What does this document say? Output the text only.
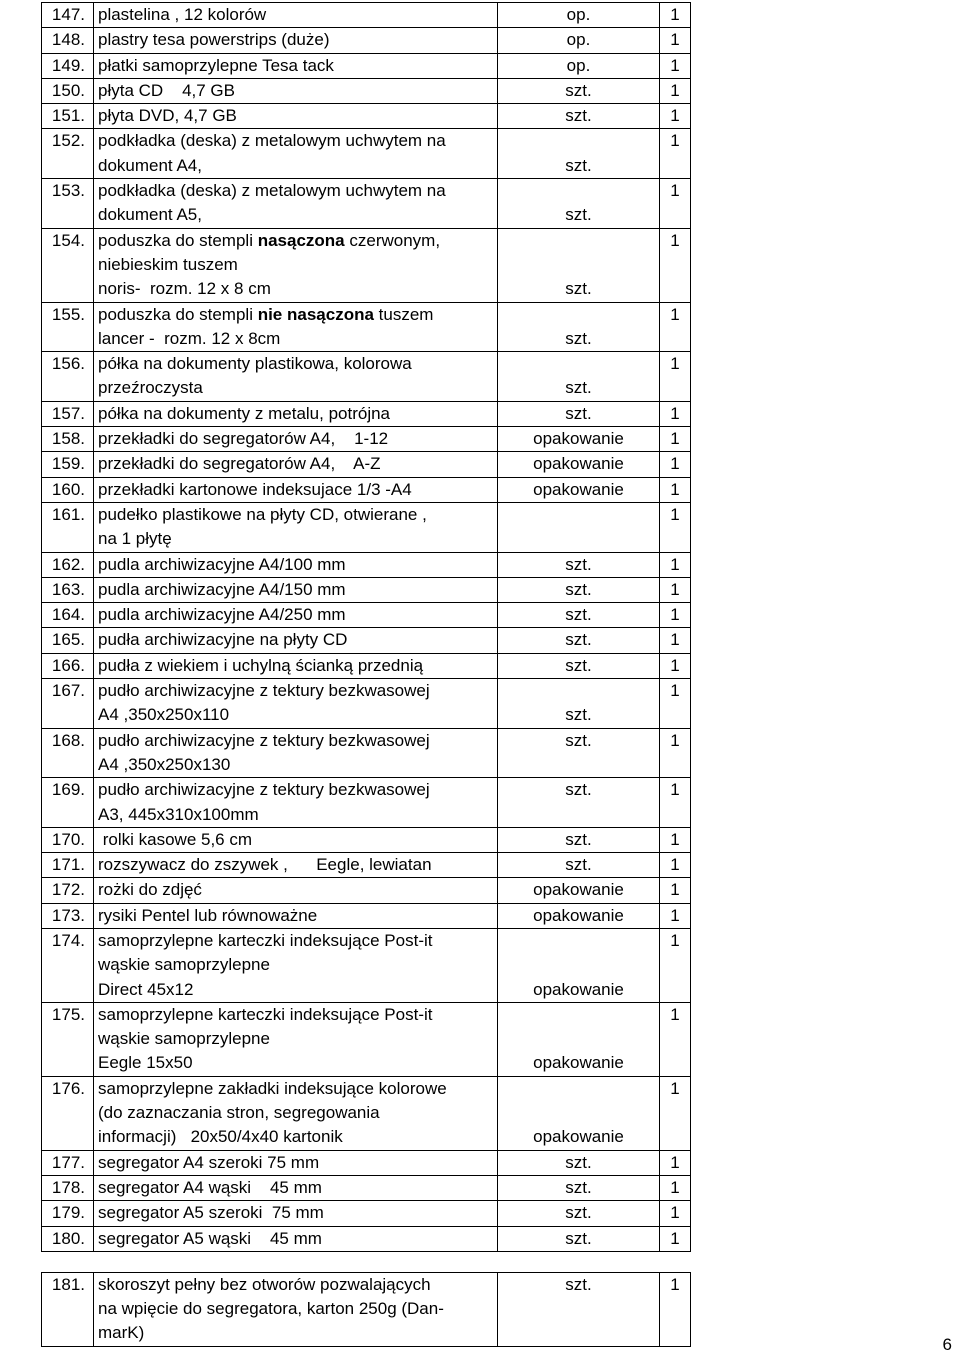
147.	plastelina , 12 kolorów	op.	1	
148.	plastry tesa powerstrips (duże)	op.	1	
149.	płatki samoprzylepne Tesa tack	op.	1	
150.	płyta CD    4,7 GB	szt.	1	
151.	płyta DVD, 4,7 GB	szt.	1	
152.	podkładka (deska) z metalowym uchwytem na
dokument A4,	szt.	1	
153.	podkładka (deska) z metalowym uchwytem na
dokument A5,	szt.	1	
154.	poduszka do stempli nasączona czerwonym,
niebieskim tuszem
noris-  rozm. 12 x 8 cm	szt.	1	
155.	poduszka do stempli nie nasączona tuszem
lancer -  rozm. 12 x 8cm	szt.	1	
156.	półka na dokumenty plastikowa, kolorowa
przeźroczysta	szt.	1	
157.	półka na dokumenty z metalu, potrójna	szt.	1	
158.	przekładki do segregatorów A4,    1-12	opakowanie	1	
159.	przekładki do segregatorów A4,    A-Z	opakowanie	1	
160.	przekładki kartonowe indeksujace 1/3 -A4	opakowanie	1	
161.	pudełko plastikowe na płyty CD, otwierane ,
na 1 płytę		1	
162.	pudla archiwizacyjne A4/100 mm	szt.	1	
163.	pudla archiwizacyjne A4/150 mm	szt.	1	
164.	pudla archiwizacyjne A4/250 mm	szt.	1	
165.	pudła archiwizacyjne na płyty CD	szt.	1	
166.	pudła z wiekiem i uchylną ścianką przednią	szt.	1	
167.	pudło archiwizacyjne z tektury bezkwasowej
A4 ,350x250x110	szt.	1	
168.	pudło archiwizacyjne z tektury bezkwasowej
A4 ,350x250x130	szt.	1	
169.	pudło archiwizacyjne z tektury bezkwasowej
A3, 445x310x100mm	szt.	1	
170.	rolki kasowe 5,6 cm	szt.	1	
171.	rozszywacz do zszywek ,      Eegle, lewiatan	szt.	1	
172.	rożki do zdjęć	opakowanie	1	
173.	rysiki Pentel lub równoważne	opakowanie	1	
174.	samoprzylepne karteczki indeksujące Post-it
wąskie samoprzylepne
Direct 45x12	opakowanie	1	
175.	samoprzylepne karteczki indeksujące Post-it
wąskie samoprzylepne
Eegle 15x50	opakowanie	1	
176.	samoprzylepne zakładki indeksujące kolorowe
(do zaznaczania stron, segregowania
informacji)   20x50/4x40 kartonik	opakowanie	1	
177.	segregator A4 szeroki 75 mm	szt.	1	
178.	segregator A4 wąski    45 mm	szt.	1	
179.	segregator A5 szeroki  75 mm	szt.	1	
180.	segregator A5 wąski    45 mm	szt.	1	

181.	skoroszyt pełny bez otworów pozwalających
na wpięcie do segregatora, karton 250g (Dan-
marK)	szt.	1	
6
